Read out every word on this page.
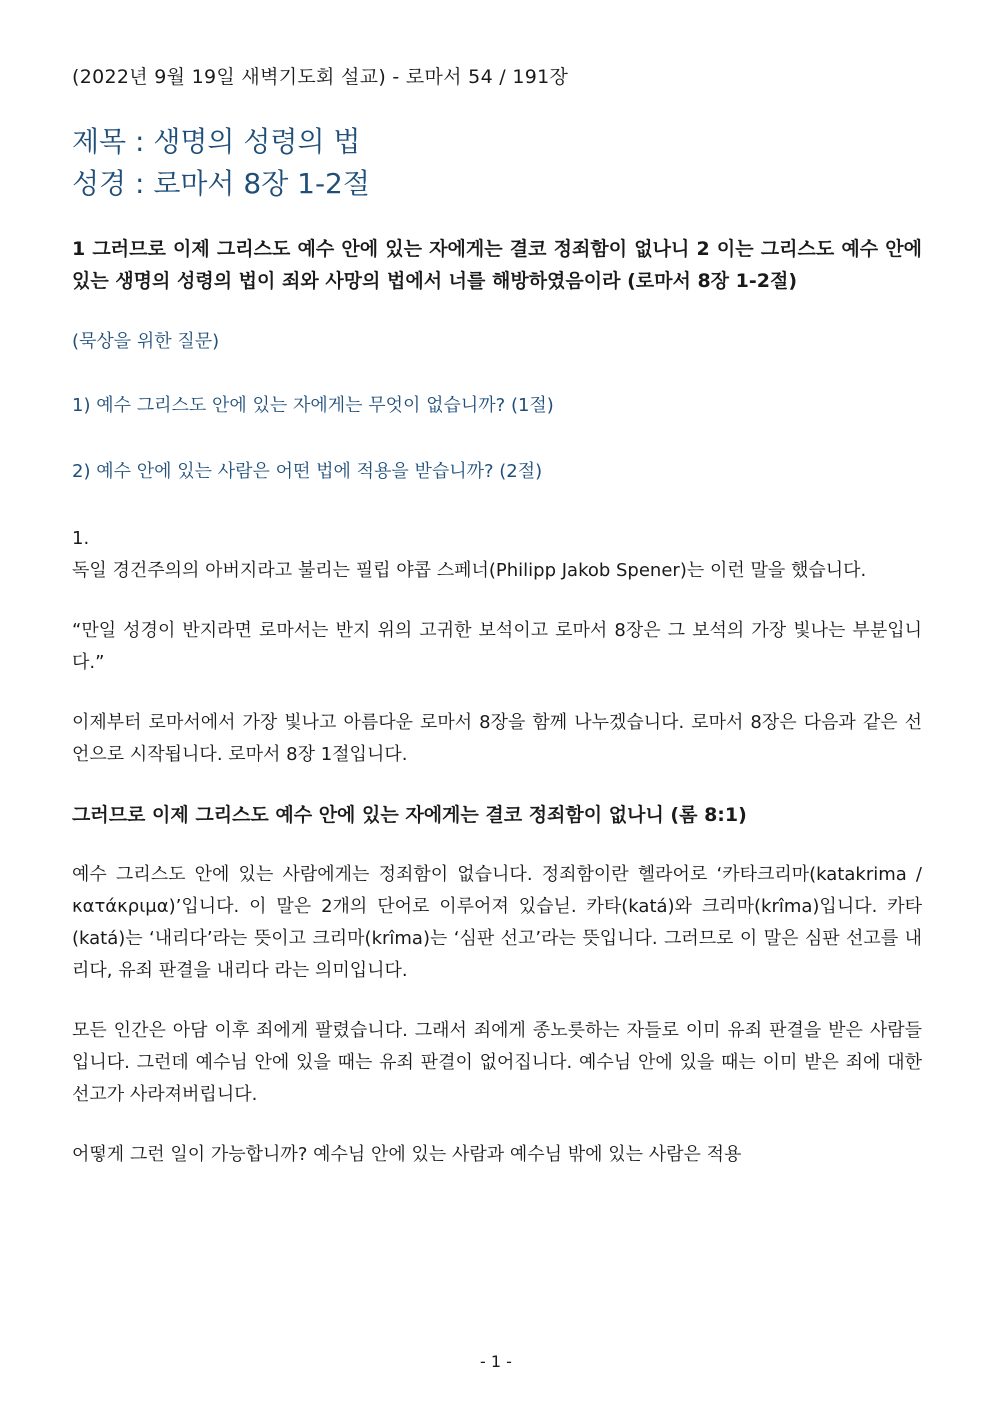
(2022년 9월 19일 새벽기도회 설교) - 로마서 54 / 191장

제목 : 생명의 성령의 법

성경 : 로마서 8장 1-2절

1 그러므로 이제 그리스도 예수 안에 있는 자에게는 결코 정죄함이 없나니 2 이는 그리스도 예수 안에 있는 생명의 성령의 법이 죄와 사망의 법에서 너를 해방하였음이라 (로마서 8장 1-2절)

(묵상을 위한 질문)

1) 예수 그리스도 안에 있는 자에게는 무엇이 없습니까? (1절)

2) 예수 안에 있는 사람은 어떤 법에 적용을 받습니까? (2절)

1.

독일 경건주의의 아버지라고 불리는 필립 야콥 스페너(Philipp Jakob Spener)는 이런 말을 했습니다.

“만일 성경이 반지라면 로마서는 반지 위의 고귀한 보석이고 로마서 8장은 그 보석의 가장 빛나는 부분입니다.”

이제부터 로마서에서 가장 빛나고 아름다운 로마서 8장을 함께 나누겠습니다. 로마서 8장은 다음과 같은 선언으로 시작됩니다. 로마서 8장 1절입니다.

그러므로 이제 그리스도 예수 안에 있는 자에게는 결코 정죄함이 없나니 (롬 8:1)

예수 그리스도 안에 있는 사람에게는 정죄함이 없습니다. 정죄함이란 헬라어로 ‘카타크리마(katakrima / κατάκριμα)’입니다. 이 말은 2개의 단어로 이루어져 있습닏. 카타(katá)와 크리마(krîma)입니다. 카타(katá)는 ‘내리다’라는 뜻이고 크리마(krîma)는 ‘심판 선고’라는 뜻입니다. 그러므로 이 말은 심판 선고를 내리다, 유죄 판결을 내리다 라는 의미입니다.

모든 인간은 아담 이후 죄에게 팔렸습니다. 그래서 죄에게 종노릇하는 자들로 이미 유죄 판결을 받은 사람들입니다. 그런데 예수님 안에 있을 때는 유죄 판결이 없어집니다. 예수님 안에 있을 때는 이미 받은 죄에 대한 선고가 사라져버립니다.

어떻게 그런 일이 가능합니까? 예수님 안에 있는 사람과 예수님 밖에 있는 사람은 적용

- 1 -
